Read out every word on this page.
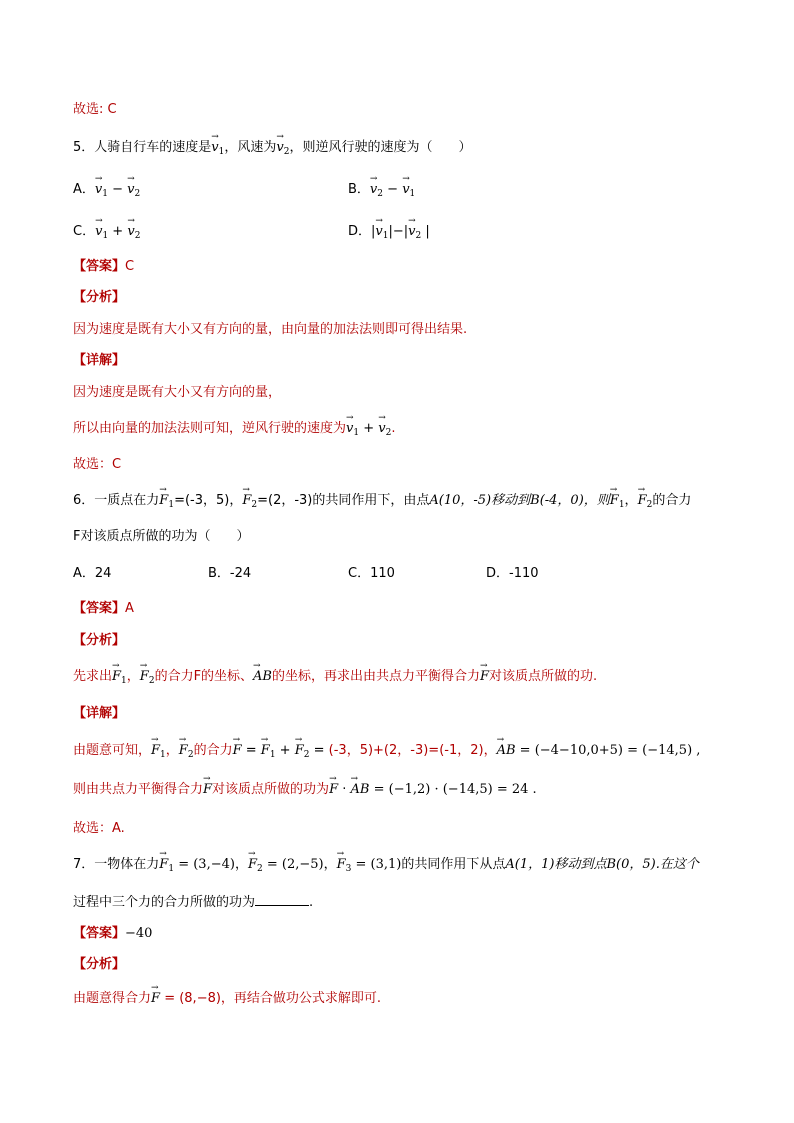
故选: C
5．人骑自行车的速度是→ $v_1$，风速为→ $v_2$，则逆风行驶的速度为（　　）
A．→ $v_1$ − → $v_2$	B．→ $v_2$ − → $v_1$
C．→ $v_1$ + → $v_2$	D．|→ $v_1|-|\to v_2$ |
【答案】C
【分析】
因为速度是既有大小又有方向的量，由向量的加法法则即可得出结果.
【详解】
因为速度是既有大小又有方向的量，
所以由向量的加法法则可知，逆风行驶的速度为→ $v_1$ + → $v_2$.
故选：C
6．一质点在力→ $F_1=(-3$，5)，→ $F_2=(2$，-3)的共同作用下，由点A(10，-5)移动到B(-4，0)，则→ $F_1$，→ $F_2$的合力
F对该质点所做的功为（　　）
A．24	B．-24	C．110	D．-110
【答案】A
【分析】
先求出→ $F_1$，→ $F_2$的合力F的坐标、→ AB的坐标，再求出由共点力平衡得合力→ F对该质点所做的功.
【详解】
由题意可知，→ $F_1$，→ $F_2$的合力→ F = → $F_1$ + → $F_2 = (-3$，5)+(2，-3)=(-1，2)，→ AB = (−4−10,0+5) = (−14,5) ,
则由共点力平衡得合力→ F对该质点所做的功为→ F · → AB = (−1,2) · (−14,5) = 24 .
故选：A.
7．一物体在力→ $F_1 = (3,-4)$，→ $F_2 = (2,-5)$，→ $F_3 = (3,1)$的共同作用下从点A(1，1)移动到点B(0，5).在这个
过程中三个力的合力所做的功为	.
【答案】−40
【分析】
由题意得合力→ F = (8,−8)，再结合做功公式求解即可.
